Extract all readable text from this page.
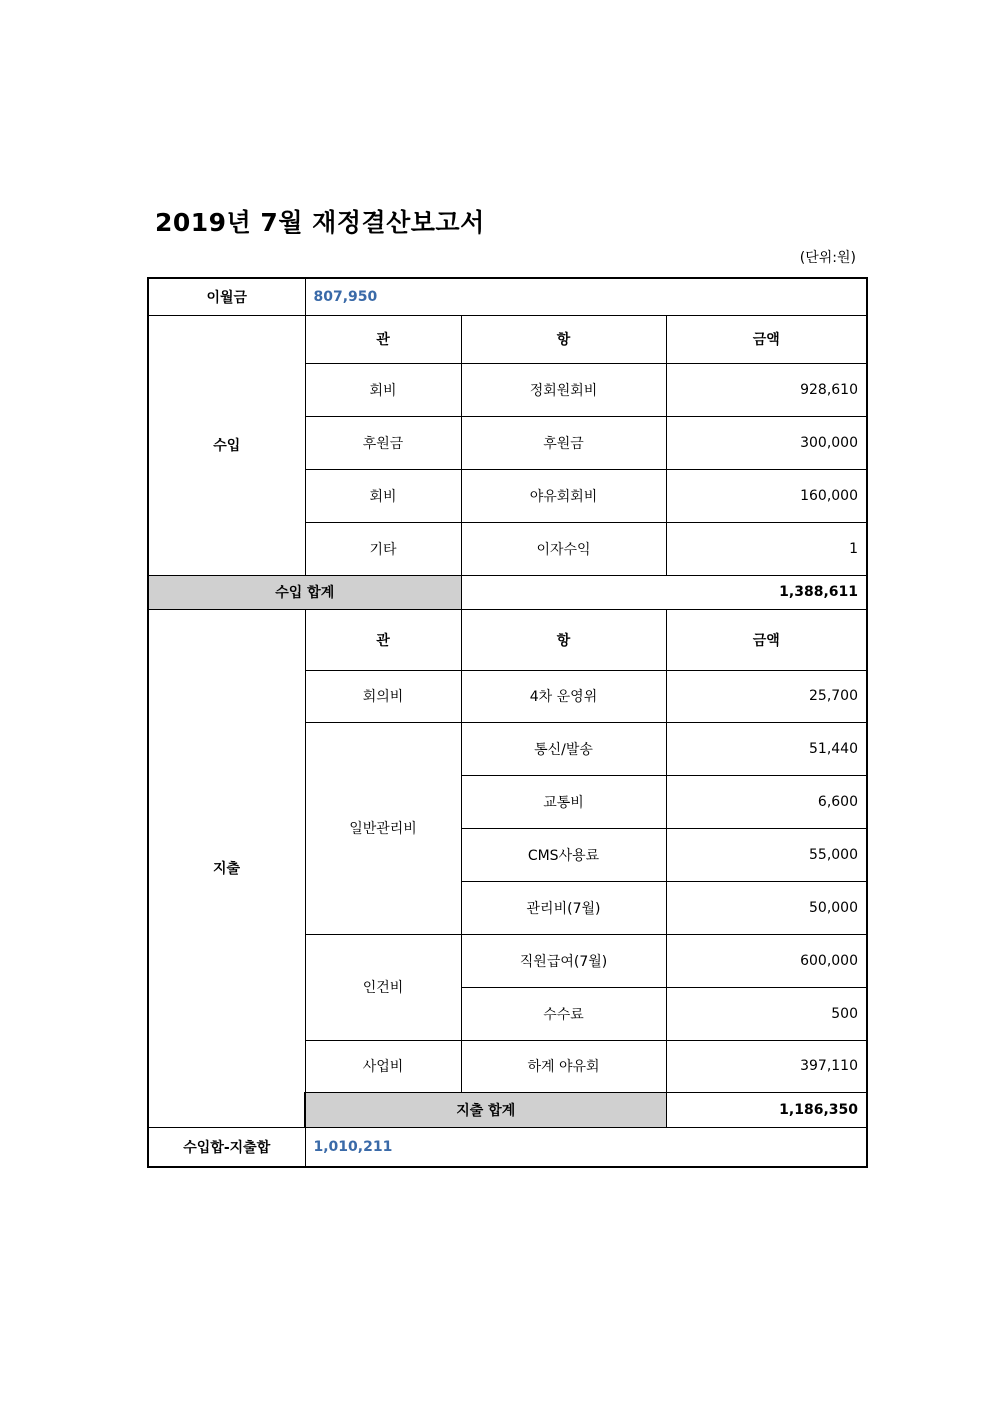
2019년 7월 재정결산보고서
(단위:원)
이월금	807,950		
수입	관	항	금액
	회비	정회원회비	928,610
	후원금	후원금	300,000
	회비	야유회회비	160,000
	기타	이자수익	1
수입 합계		1,388,611	
지출	관	항	금액
	회의비	4차 운영위	25,700
	일반관리비	통신/발송	51,440
		교통비	6,600
		CMS사용료	55,000
		관리비(7월)	50,000
	인건비	직원급여(7월)	600,000
		수수료	500
	사업비	하계 야유회	397,110
	지출 합계		1,186,350
수입합-지출합	1,010,211		
